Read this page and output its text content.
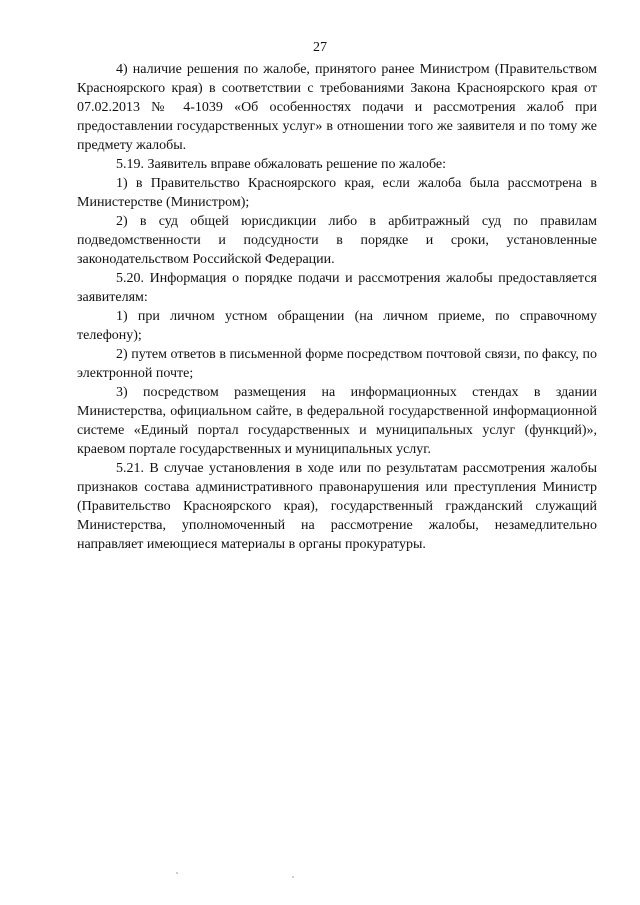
27

4) наличие решения по жалобе, принятого ранее Министром (Правительством Красноярского края) в соответствии с требованиями Закона Красноярского края от 07.02.2013 № 4-1039 «Об особенностях подачи и рассмотрения жалоб при предоставлении государственных услуг» в отношении того же заявителя и по тому же предмету жалобы.

5.19. Заявитель вправе обжаловать решение по жалобе:

1) в Правительство Красноярского края, если жалоба была рассмотрена в Министерстве (Министром);

2) в суд общей юрисдикции либо в арбитражный суд по правилам подведомственности и подсудности в порядке и сроки, установленные законодательством Российской Федерации.

5.20. Информация о порядке подачи и рассмотрения жалобы предоставляется заявителям:

1) при личном устном обращении (на личном приеме, по справочному телефону);

2) путем ответов в письменной форме посредством почтовой связи, по факсу, по электронной почте;

3) посредством размещения на информационных стендах в здании Министерства, официальном сайте, в федеральной государственной информационной системе «Единый портал государственных и муниципальных услуг (функций)», краевом портале государственных и муниципальных услуг.

5.21. В случае установления в ходе или по результатам рассмотрения жалобы признаков состава административного правонарушения или преступления Министр (Правительство Красноярского края), государственный гражданский служащий Министерства, уполномоченный на рассмотрение жалобы, незамедлительно направляет имеющиеся материалы в органы прокуратуры.
